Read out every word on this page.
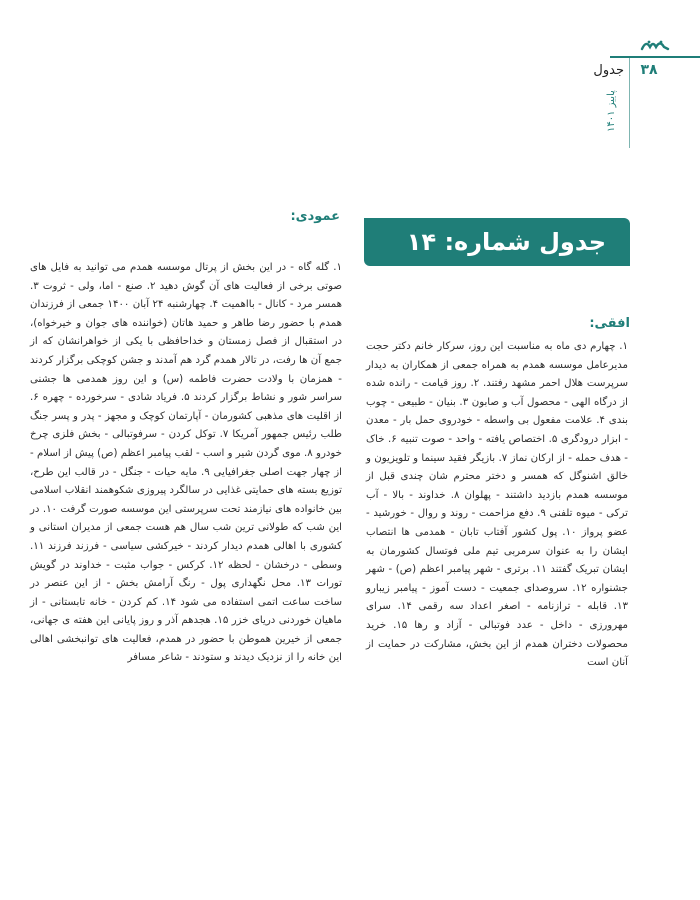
۳۸
جدول
پاییز ۱۴۰۱
جدول شماره: ۱۴
عمودی:
۱. گله گاه - در این بخش از پرتال موسسه همدم می توانید به فایل های صوتی برخی از فعالیت های آن گوش دهید ۲. صنع - اما، ولی - ثروت ۳. همسر مرد - کانال - بااهمیت ۴. چهارشنبه ۲۴ آبان ۱۴۰۰ جمعی از فرزندان همدم با حضور رضا طاهر و حمید هاتان (خواننده های جوان و خیرخواه)، در استقبال از فصل زمستان و خداحافظی با یکی از خواهرانشان که از جمع آن ها رفت، در تالار همدم گرد هم آمدند و جشن کوچکی برگزار کردند - همزمان با ولادت حضرت فاطمه (س) و این روز همدمی ها جشنی سراسر شور و نشاط برگزار کردند ۵. فریاد شادی - سرخورده - چهره ۶. از اقلیت های مذهبی کشورمان - آپارتمان کوچک و مجهز - پدر و پسر جنگ طلب رئیس جمهور آمریکا ۷. توکل کردن - سرفوتبالی - بخش فلزی چرخ خودرو ۸. موی گردن شیر و اسب - لقب پیامبر اعظم (ص) پیش از اسلام - از چهار جهت اصلی جغرافیایی ۹. مایه حیات - جنگل - در قالب این طرح، توزیع بسته های حمایتی غذایی در سالگرد پیروزی شکوهمند انقلاب اسلامی بین خانواده های نیازمند تحت سرپرستی این موسسه صورت گرفت ۱۰. در این شب که طولانی ترین شب سال هم هست جمعی از مدیران استانی و کشوری با اهالی همدم دیدار کردند - خیرکشی سیاسی - فرزند فرزند ۱۱. وسطی - درخشان - لحظه ۱۲. کرکس - جواب مثبت - خداوند در گویش تورات ۱۳. محل نگهداری پول - رنگ آرامش بخش - از این عنصر در ساخت ساعت اتمی استفاده می شود ۱۴. کم کردن - خانه تابستانی - از ماهیان خوردنی دریای خزر ۱۵. هجدهم آذر و روز پایانی این هفته ی جهانی، جمعی از خیرین هموطن با حضور در همدم، فعالیت های توانبخشی اهالی این خانه را از نزدیک دیدند و ستودند - شاعر مسافر
افقی:
۱. چهارم دی ماه به مناسبت این روز، سرکار خانم دکتر حجت مدیرعامل موسسه همدم به همراه جمعی از همکاران به دیدار سرپرست هلال احمر مشهد رفتند. ۲. روز قیامت - رانده شده از درگاه الهی - محصول آب و صابون ۳. بنیان - طبیعی - چوب بندی ۴. علامت مفعول بی واسطه - خودروی حمل بار - معدن - ابزار درودگری ۵. اختصاص یافته - واحد - صوت تنبیه ۶. خاک - هدف حمله - از ارکان نماز ۷. بازیگر فقید سینما و تلویزیون و خالق اشنوگل که همسر و دختر محترم شان چندی قبل از موسسه همدم بازدید داشتند - پهلوان ۸. خداوند - بالا - آب ترکی - میوه تلفنی ۹. دفع مزاحمت - روند و روال - خورشید - عضو پرواز ۱۰. پول کشور آفتاب تابان - همدمی ها انتصاب ایشان را به عنوان سرمربی تیم ملی فوتسال کشورمان به ایشان تبریک گفتند ۱۱. برتری - شهر پیامبر اعظم (ص) - شهر جشنواره ۱۲. سروصدای جمعیت - دست آموز - پیامبر زیبارو ۱۳. قابله - ترازنامه - اصغر اعداد سه رقمی ۱۴. سرای مهرورزی - داخل - عدد فوتبالی - آزاد و رها ۱۵. خرید محصولات دختران همدم از این بخش، مشارکت در حمایت از آنان است
